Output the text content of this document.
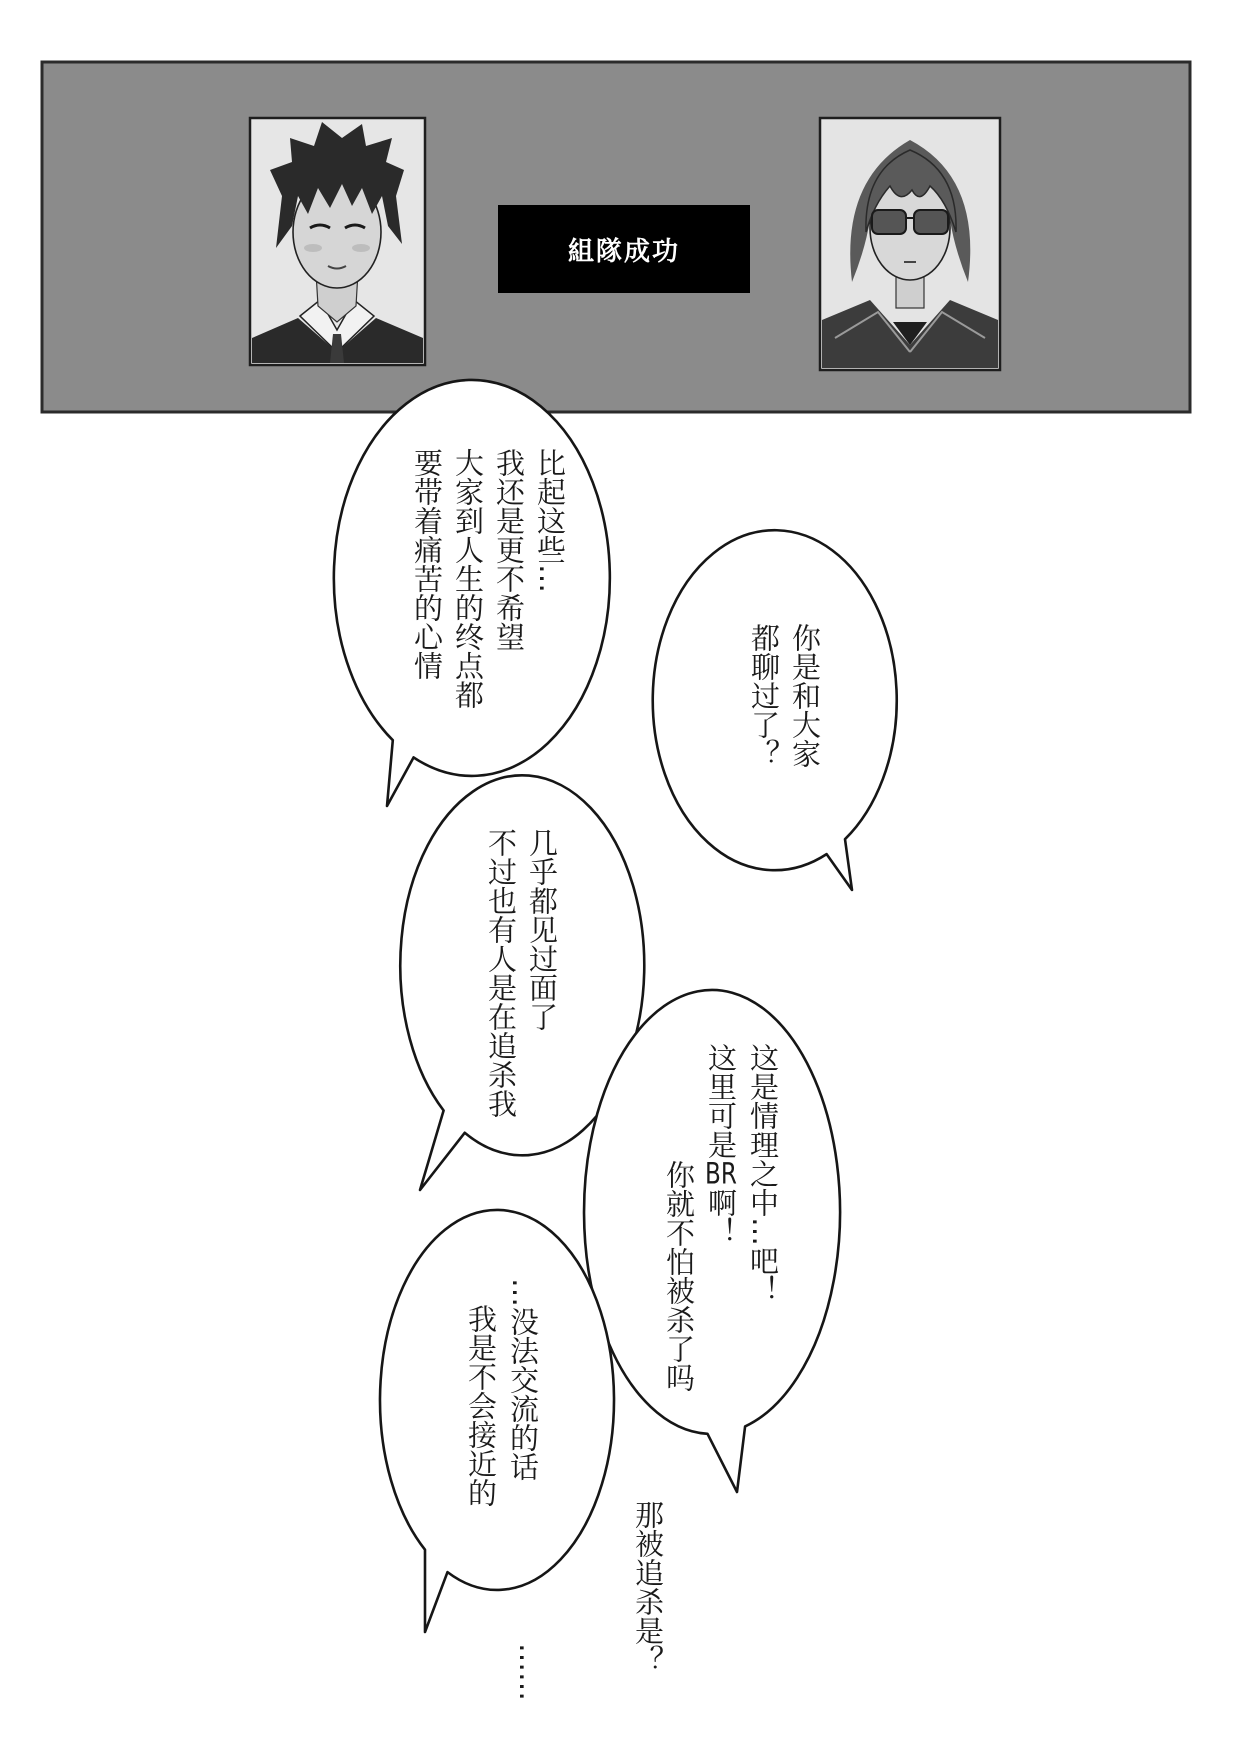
組隊成功
比起这些…
我还是更不希望
大家到人生的终点都
要带着痛苦的心情
你是和大家
都聊过了？
几乎都见过面了
不过也有人是在追杀我
这是情理之中…吧！
这里可是BR啊！
你就不怕被杀了吗
…没法交流的话
我是不会接近的
那被追杀是？
……
